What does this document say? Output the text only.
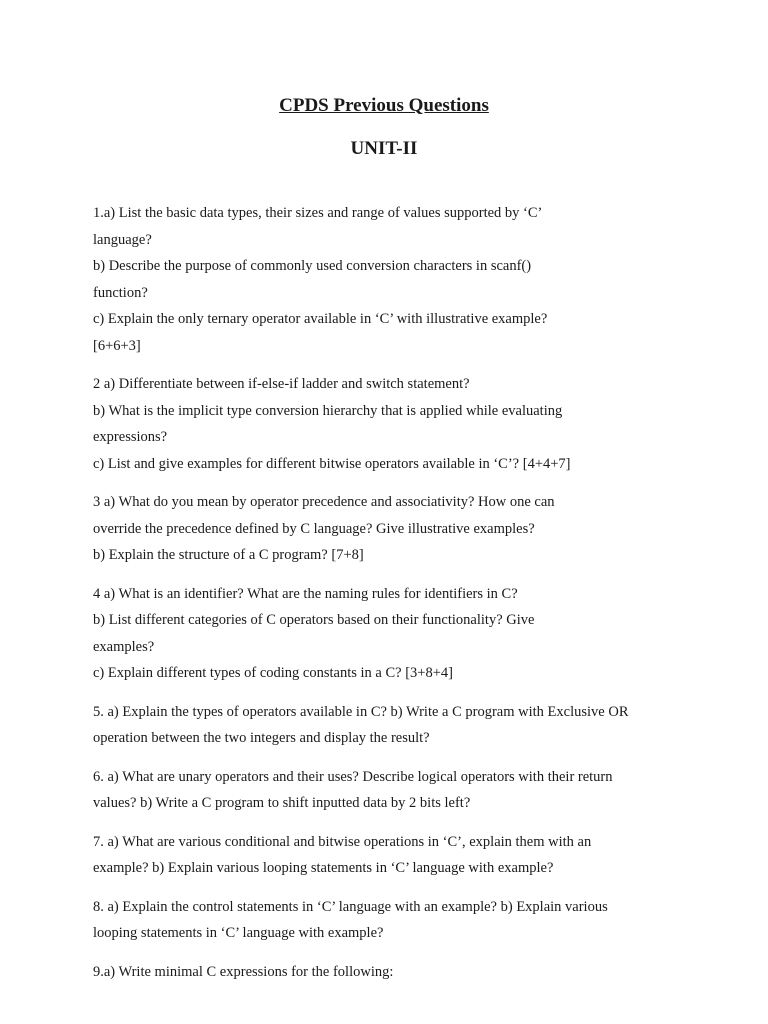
CPDS Previous Questions
UNIT-II
1.a) List the basic data types, their sizes and range of values supported by ‘C’
language?
b) Describe the purpose of commonly used conversion characters in scanf()
function?
c) Explain the only ternary operator available in ‘C’ with illustrative example?
[6+6+3]
2 a) Differentiate between if-else-if ladder and switch statement?
b) What is the implicit type conversion hierarchy that is applied while evaluating
expressions?
c) List and give examples for different bitwise operators available in ‘C’? [4+4+7]
3 a) What do you mean by operator precedence and associativity? How one can
override the precedence defined by C language? Give illustrative examples?
b) Explain the structure of a C program? [7+8]
4 a) What is an identifier? What are the naming rules for identifiers in C?
b) List different categories of C operators based on their functionality? Give
examples?
c) Explain different types of coding constants in a C? [3+8+4]
5. a) Explain the types of operators available in C? b) Write a C program with Exclusive OR
operation between the two integers and display the result?
6. a) What are unary operators and their uses? Describe logical operators with their return
values? b) Write a C program to shift inputted data by 2 bits left?
7. a) What are various conditional and bitwise operations in ‘C’, explain them with an
example? b) Explain various looping statements in ‘C’ language with example?
8. a) Explain the control statements in ‘C’ language with an example? b) Explain various
looping statements in ‘C’ language with example?
9.a) Write minimal C expressions for the following:
